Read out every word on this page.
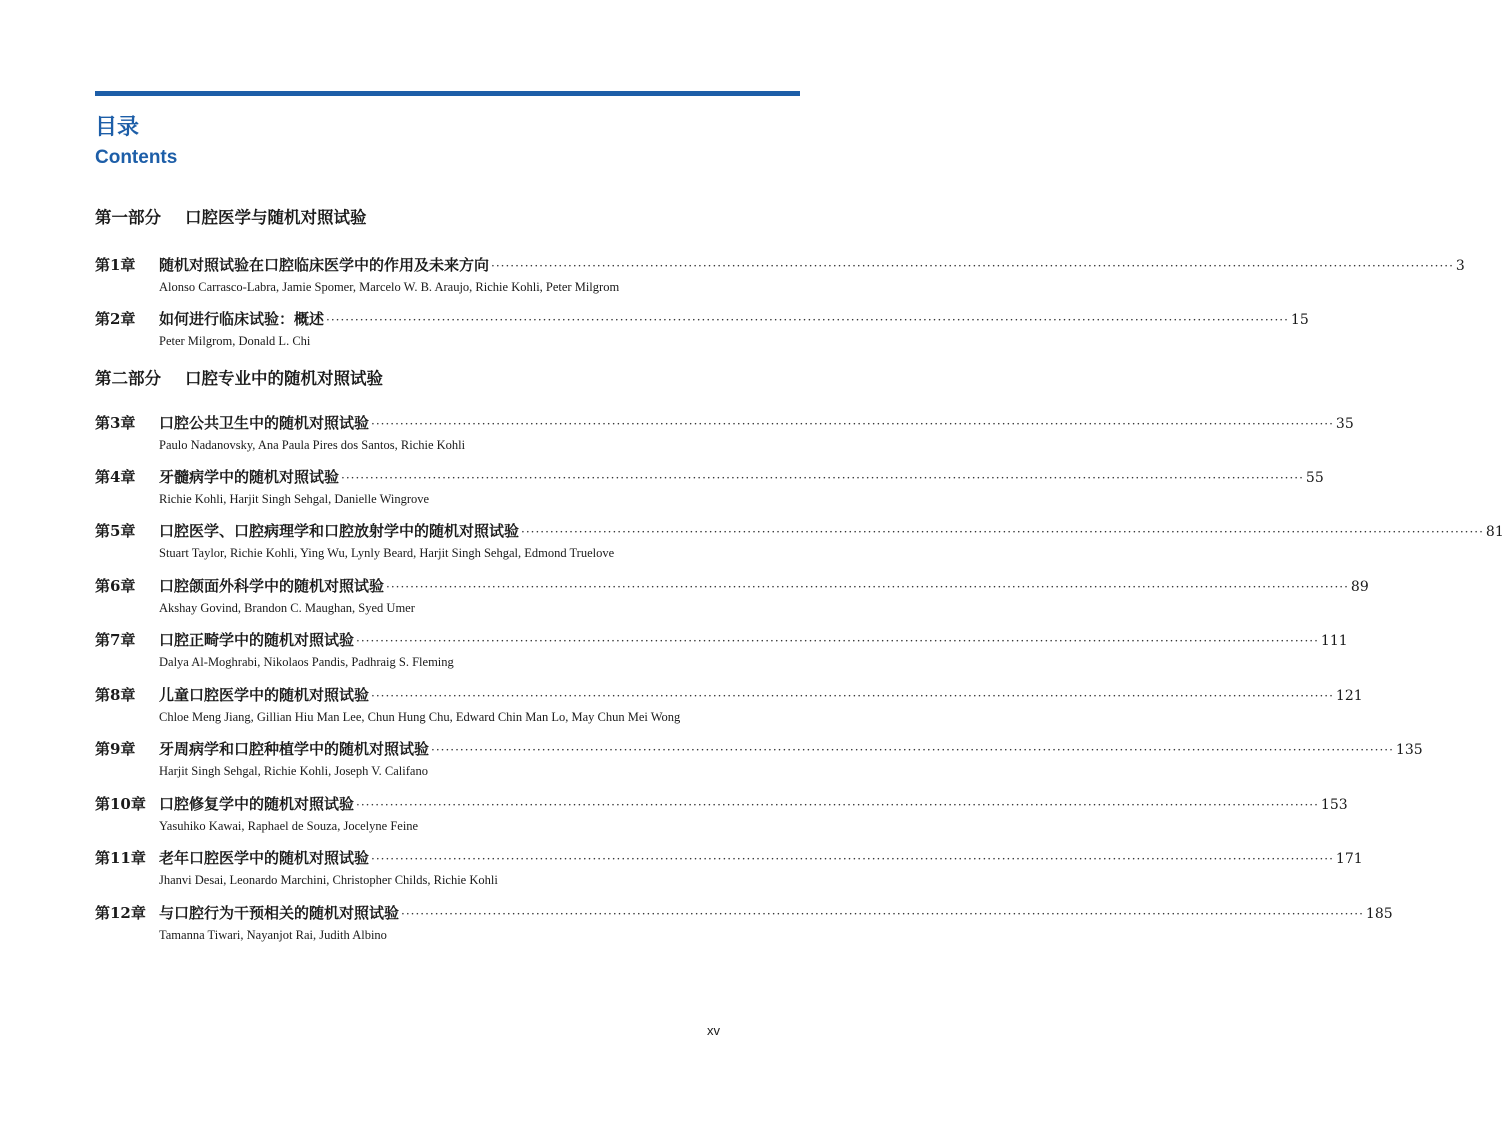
目录
Contents
第一部分 口腔医学与随机对照试验
第1章	随机对照试验在口腔临床医学中的作用及未来方向 ········································································································································································································ 3
Alonso Carrasco-Labra, Jamie Spomer, Marcelo W. B. Araujo, Richie Kohli, Peter Milgrom
第2章	如何进行临床试验：概述 ········································································································································································································ 15
Peter Milgrom, Donald L. Chi
第二部分 口腔专业中的随机对照试验
第3章	口腔公共卫生中的随机对照试验 ········································································································································································································ 35
Paulo Nadanovsky, Ana Paula Pires dos Santos, Richie Kohli
第4章	牙髓病学中的随机对照试验 ········································································································································································································ 55
Richie Kohli, Harjit Singh Sehgal, Danielle Wingrove
第5章	口腔医学、口腔病理学和口腔放射学中的随机对照试验 ········································································································································································································ 81
Stuart Taylor, Richie Kohli, Ying Wu, Lynly Beard, Harjit Singh Sehgal, Edmond Truelove
第6章	口腔颌面外科学中的随机对照试验 ········································································································································································································ 89
Akshay Govind, Brandon C. Maughan, Syed Umer
第7章	口腔正畸学中的随机对照试验 ········································································································································································································ 111
Dalya Al-Moghrabi, Nikolaos Pandis, Padhraig S. Fleming
第8章	儿童口腔医学中的随机对照试验 ········································································································································································································ 121
Chloe Meng Jiang, Gillian Hiu Man Lee, Chun Hung Chu, Edward Chin Man Lo, May Chun Mei Wong
第9章	牙周病学和口腔种植学中的随机对照试验 ········································································································································································································ 135
Harjit Singh Sehgal, Richie Kohli, Joseph V. Califano
第10章 口腔修复学中的随机对照试验 ········································································································································································································ 153
Yasuhiko Kawai, Raphael de Souza, Jocelyne Feine
第11章 老年口腔医学中的随机对照试验 ········································································································································································································ 171
Jhanvi Desai, Leonardo Marchini, Christopher Childs, Richie Kohli
第12章 与口腔行为干预相关的随机对照试验 ········································································································································································································ 185
Tamanna Tiwari, Nayanjot Rai, Judith Albino
xv
